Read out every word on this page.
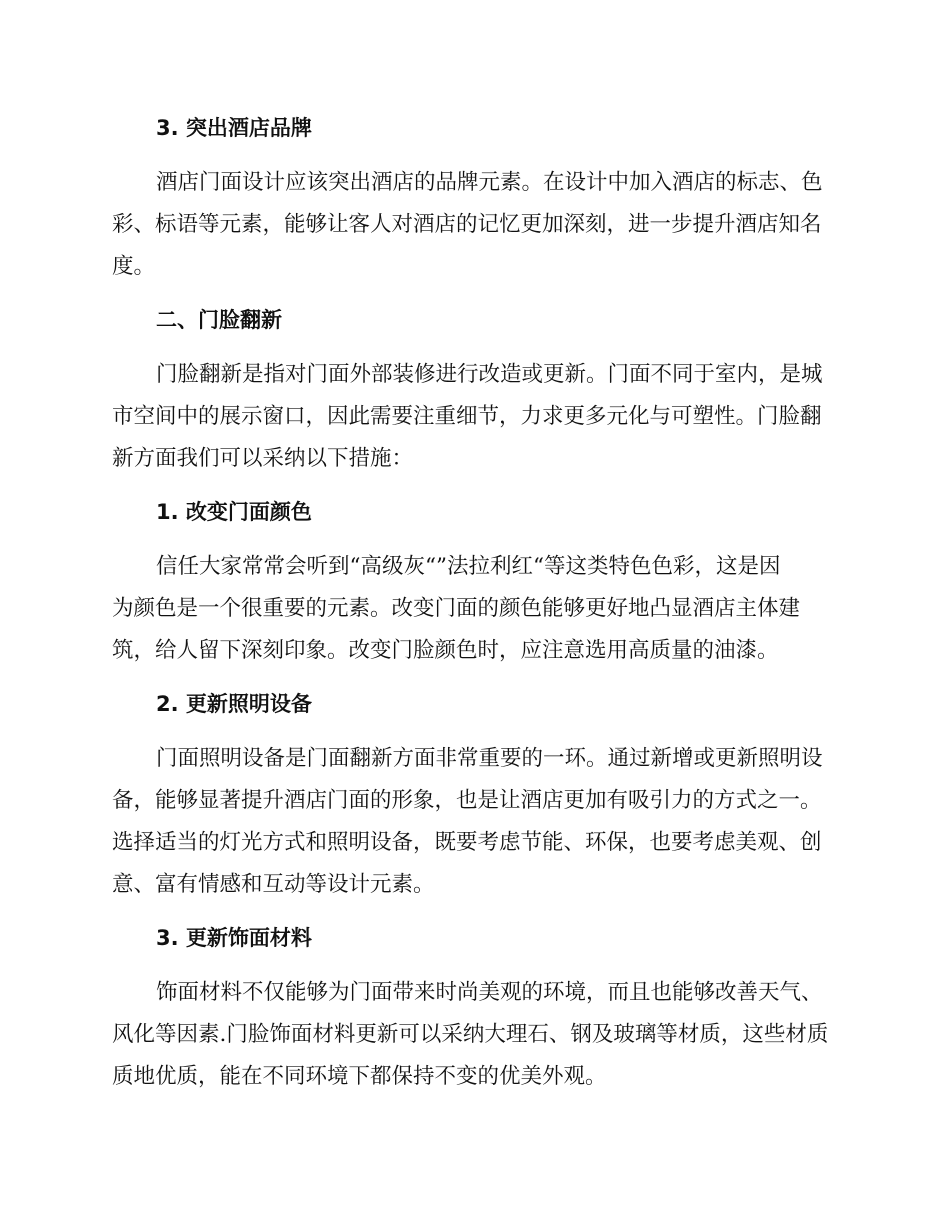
3. 突出酒店品牌

酒店门面设计应该突出酒店的品牌元素。在设计中加入酒店的标志、色
彩、标语等元素，能够让客人对酒店的记忆更加深刻，进一步提升酒店知名
度。

二、门脸翻新

门脸翻新是指对门面外部装修进行改造或更新。门面不同于室内，是城
市空间中的展示窗口，因此需要注重细节，力求更多元化与可塑性。门脸翻
新方面我们可以采纳以下措施：

1. 改变门面颜色

信任大家常常会听到“高级灰“”法拉利红“等这类特色色彩，这是因
为颜色是一个很重要的元素。改变门面的颜色能够更好地凸显酒店主体建
筑，给人留下深刻印象。改变门脸颜色时，应注意选用高质量的油漆。

2. 更新照明设备

门面照明设备是门面翻新方面非常重要的一环。通过新增或更新照明设
备，能够显著提升酒店门面的形象，也是让酒店更加有吸引力的方式之一。
选择适当的灯光方式和照明设备，既要考虑节能、环保，也要考虑美观、创
意、富有情感和互动等设计元素。

3. 更新饰面材料

饰面材料不仅能够为门面带来时尚美观的环境，而且也能够改善天气、
风化等因素.门脸饰面材料更新可以采纳大理石、钢及玻璃等材质，这些材质
质地优质，能在不同环境下都保持不变的优美外观。
